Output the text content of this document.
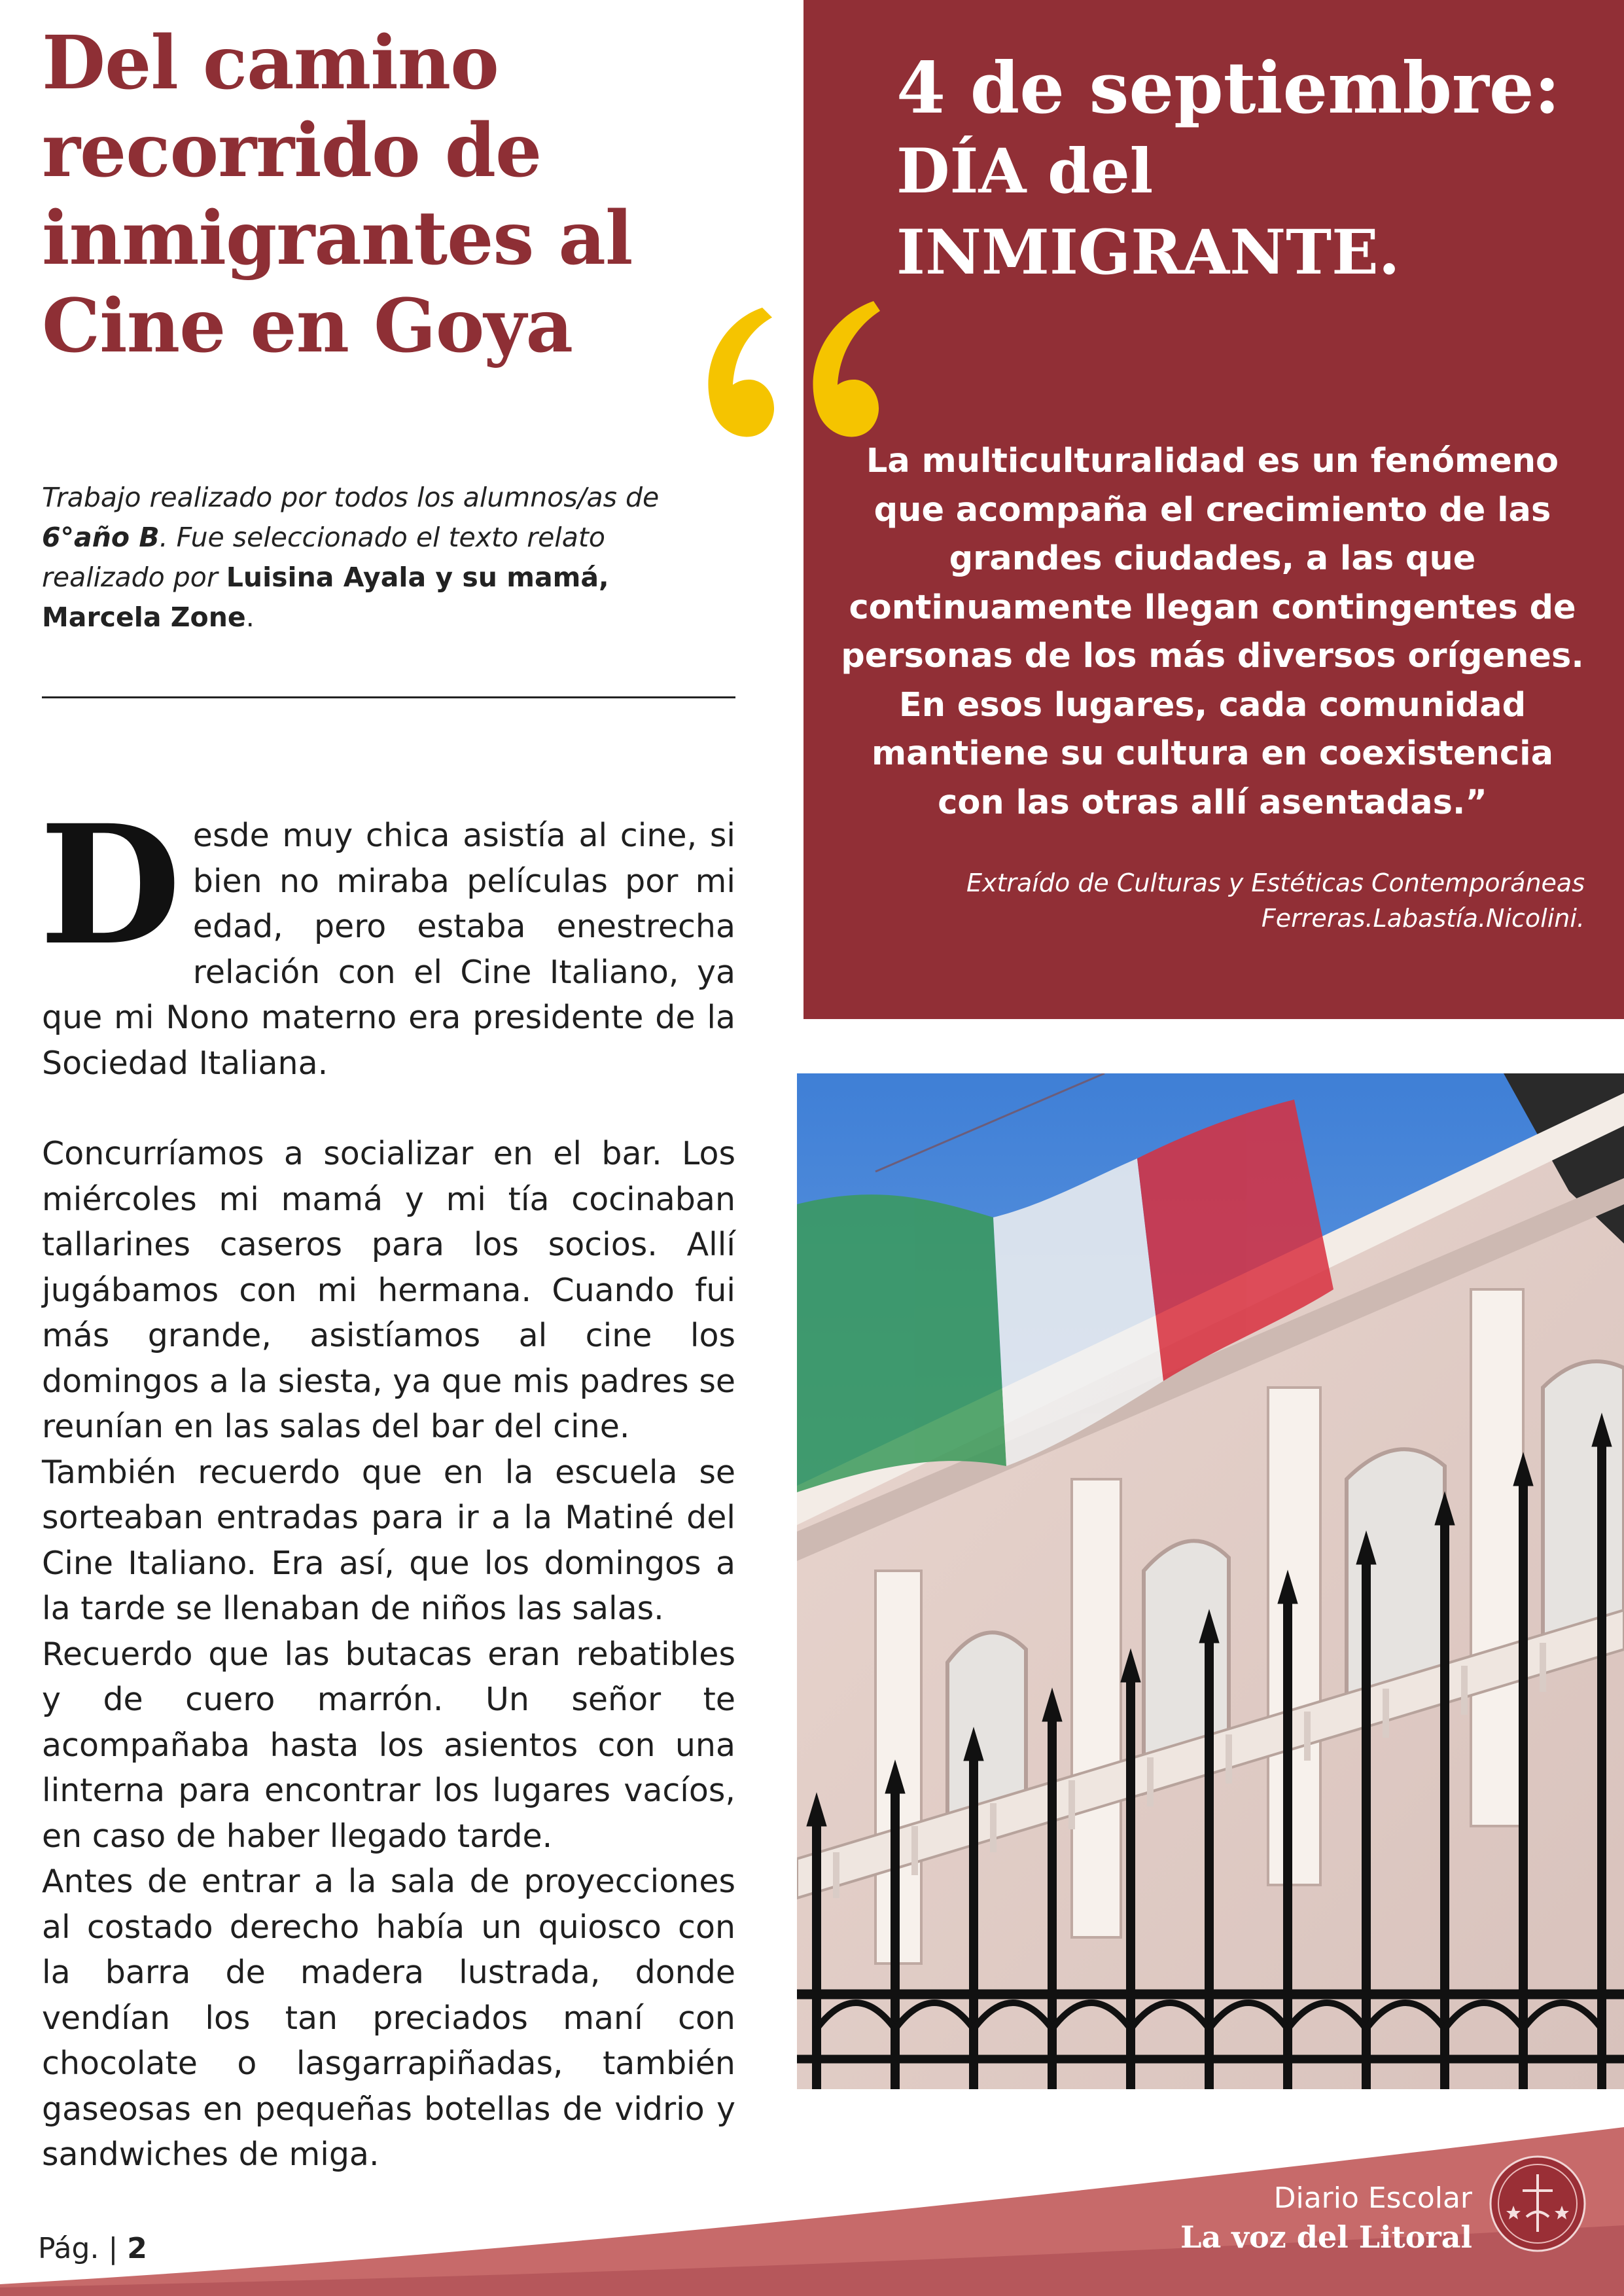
Del camino recorrido de inmigrantes al Cine en Goya
Trabajo realizado por todos los alumnos/as de 6°año B. Fue seleccionado el texto relato realizado por Luisina Ayala y su mamá, Marcela Zone.

Desde muy chica asistía al cine, si bien no miraba películas por mi edad, pero estaba enestrecha relación con el Cine Italiano, ya que mi Nono materno era presidente de la Sociedad Italiana.

Concurríamos a socializar en el bar. Los miércoles mi mamá y mi tía cocinaban tallarines caseros para los socios. Allí jugábamos con mi hermana. Cuando fui más grande, asistíamos al cine los domingos a la siesta, ya que mis padres se reunían en las salas del bar del cine.

También recuerdo que en la escuela se sorteaban entradas para ir a la Matiné del Cine Italiano. Era así, que los domingos a la tarde se llenaban de niños las salas.

Recuerdo que las butacas eran rebatibles y de cuero marrón. Un señor te acompañaba hasta los asientos con una linterna para encontrar los lugares vacíos, en caso de haber llegado tarde.

Antes de entrar a la sala de proyecciones al costado derecho había un quiosco con la barra de madera lustrada, donde vendían los tan preciados maní con chocolate o lasgarrapiñadas, también gaseosas en pequeñas botellas de vidrio y sandwiches de miga.

4 de septiembre:
DÍA del
INMIGRANTE.
La multiculturalidad es un fenómeno que acompaña el crecimiento de las grandes ciudades, a las que continuamente llegan contingentes de personas de los más diversos orígenes. En esos lugares, cada comunidad mantiene su cultura en coexistencia con las otras allí asentadas.”
Extraído de Culturas y Estéticas Contemporáneas
Ferreras.Labastía.Nicolini.
Pág. | 2
Diario Escolar
La voz del Litoral
